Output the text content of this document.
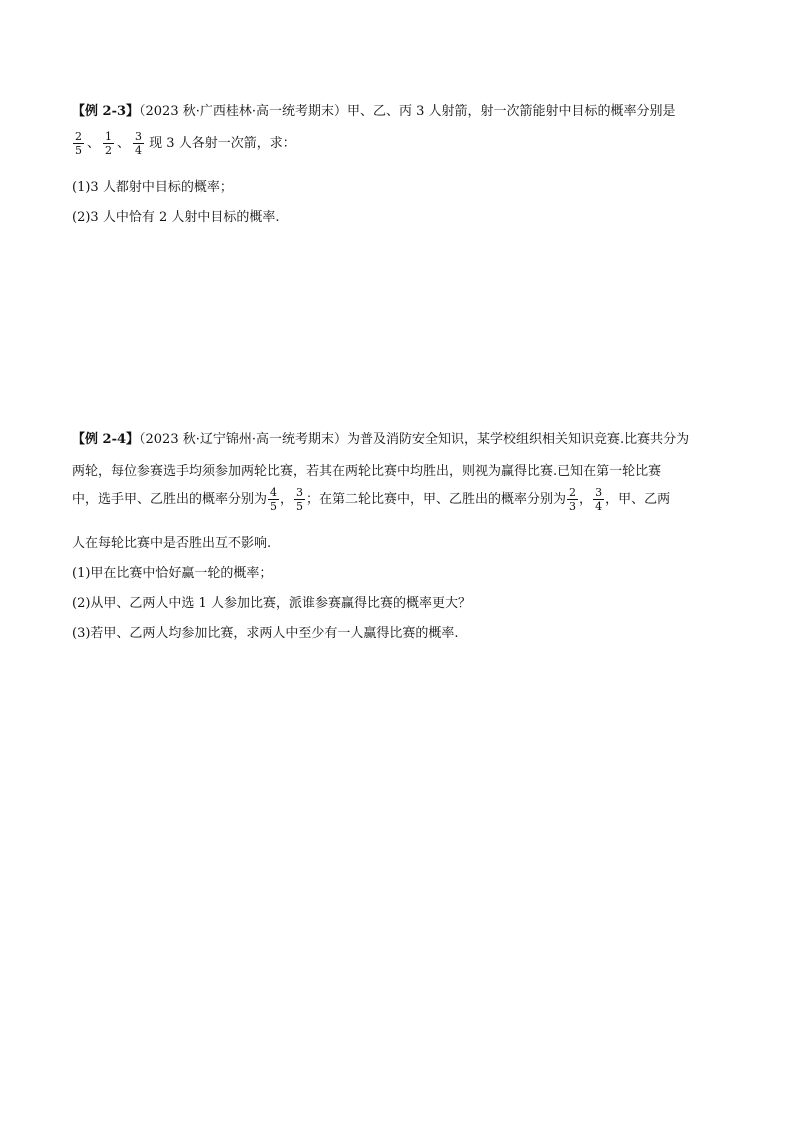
【例 2-3】（2023 秋·广西桂林·高一统考期末）甲、乙、丙 3 人射箭，射一次箭能射中目标的概率分别是
$\frac{2}{5}$ 、 $\frac{1}{2}$ 、 $\frac{3}{4}$ 现 3 人各射一次箭，求：
(1)3 人都射中目标的概率；
(2)3 人中恰有 2 人射中目标的概率.
【例 2-4】（2023 秋·辽宁锦州·高一统考期末）为普及消防安全知识，某学校组织相关知识竞赛.比赛共分为
两轮，每位参赛选手均须参加两轮比赛，若其在两轮比赛中均胜出，则视为赢得比赛.已知在第一轮比赛
中，选手甲、乙胜出的概率分别为 $\frac{4}{5}$ ， $\frac{3}{5}$ ；在第二轮比赛中，甲、乙胜出的概率分别为 $\frac{2}{3}$ ， $\frac{3}{4}$ ，甲、乙两
人在每轮比赛中是否胜出互不影响.
(1)甲在比赛中恰好赢一轮的概率；
(2)从甲、乙两人中选 1 人参加比赛，派谁参赛赢得比赛的概率更大？
(3)若甲、乙两人均参加比赛，求两人中至少有一人赢得比赛的概率.
